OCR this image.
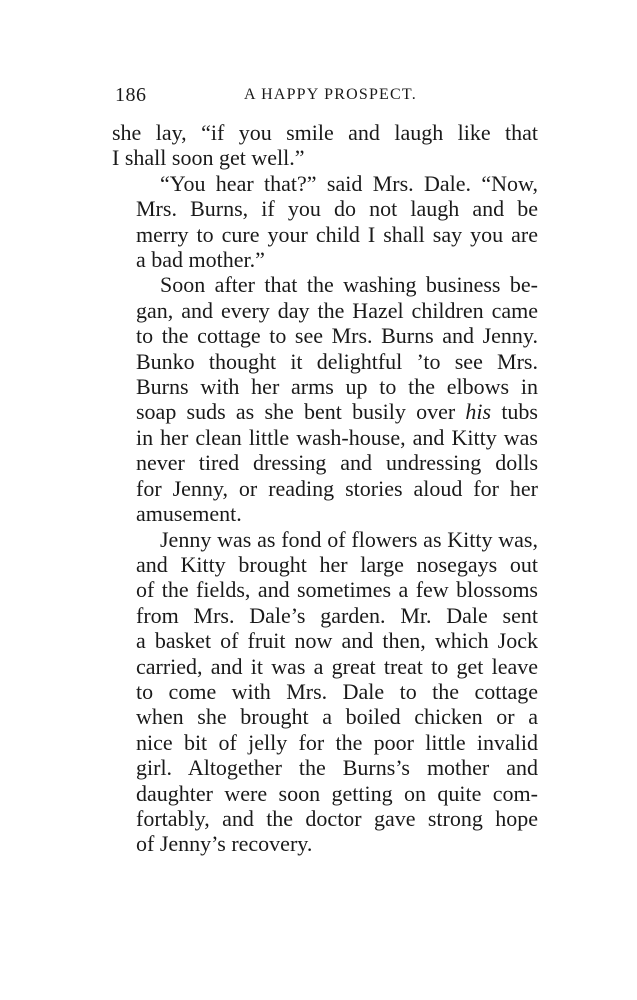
186	A HAPPY PROSPECT.
she lay, “if you smile and laugh like that
I shall soon get well.”
“You hear that?” said Mrs. Dale. “Now,
Mrs. Burns, if you do not laugh and be
merry to cure your child I shall say you are
a bad mother.”
Soon after that the washing business be-
gan, and every day the Hazel children came
to the cottage to see Mrs. Burns and Jenny.
Bunko thought it delightful ’to see Mrs.
Burns with her arms up to the elbows in
soap suds as she bent busily over his tubs
in her clean little wash-house, and Kitty was
never tired dressing and undressing dolls
for Jenny, or reading stories aloud for her
amusement.
Jenny was as fond of flowers as Kitty was,
and Kitty brought her large nosegays out
of the fields, and sometimes a few blossoms
from Mrs. Dale’s garden. Mr. Dale sent
a basket of fruit now and then, which Jock
carried, and it was a great treat to get leave
to come with Mrs. Dale to the cottage
when she brought a boiled chicken or a
nice bit of jelly for the poor little invalid
girl. Altogether the Burns’s mother and
daughter were soon getting on quite com-
fortably, and the doctor gave strong hope
of Jenny’s recovery.
